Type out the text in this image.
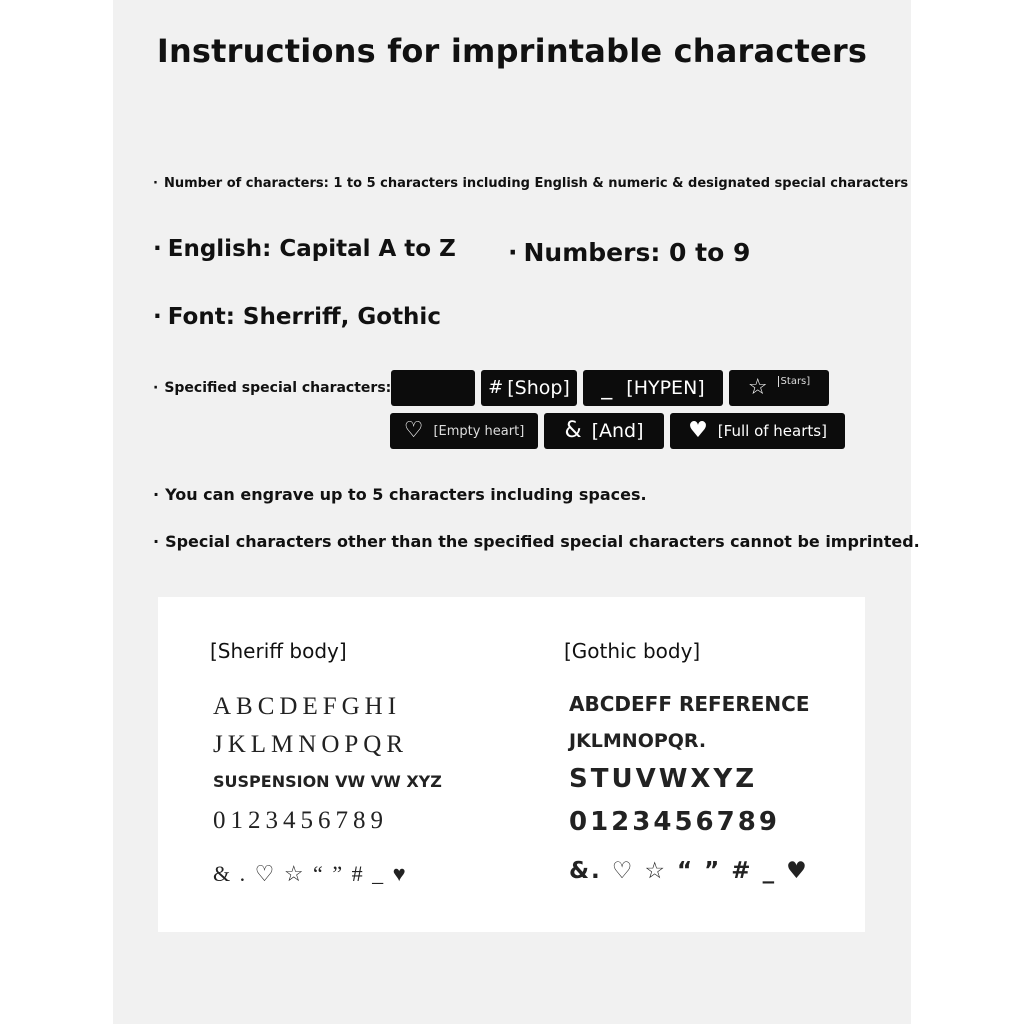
Instructions for imprintable characters
· Number of characters: 1 to 5 characters including English & numeric & designated special characters
· English: Capital A to Z · Numbers: 0 to 9
· Font: Sherriff, Gothic
· Specified special characters:	# [Shop] _ [HYPEN] ☆	Stars]
♡ [Empty heart] & [And] ♥ [Full of hearts]
· You can engrave up to 5 characters including spaces.
· Special characters other than the specified special characters cannot be imprinted.
[Sheriff body]
ABCDEFGHI
JKLMNOPQR
SUSPENSION VW VW XYZ
0123456789
& . ♡ ☆ “ ” # _ ♥
[Gothic body]
ABCDEFF REFERENCE
JKLMNOPQR.
STUVWXYZ
0123456789
&. ♡ ☆ “ ” # _ ♥
